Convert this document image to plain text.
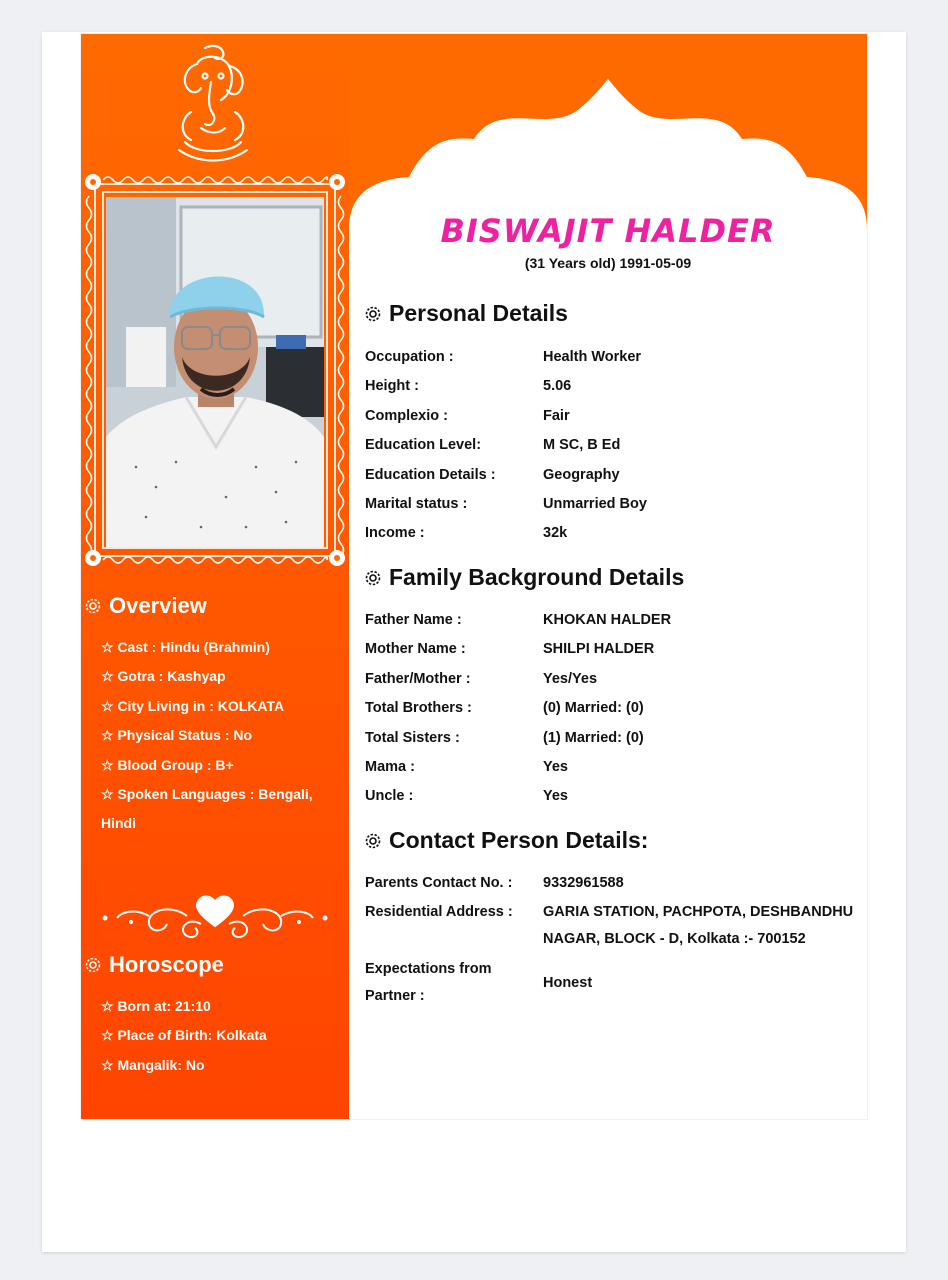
BISWAJIT HALDER
(31 Years old) 1991-05-09
Personal Details
Occupation :	Health Worker
Height :	5.06
Complexio :	Fair
Education Level:	M SC, B Ed
Education Details :	Geography
Marital status :	Unmarried Boy
Income :	32k
Family Background Details
Father Name :	KHOKAN HALDER
Mother Name :	SHILPI HALDER
Father/Mother :	Yes/Yes
Total Brothers :	(0) Married: (0)
Total Sisters :	(1) Married: (0)
Mama :	Yes
Uncle :	Yes
Contact Person Details:
Parents Contact No. : 9332961588
Residential Address : GARIA STATION, PACHPOTA, DESHBANDHU NAGAR, BLOCK - D, Kolkata :- 700152
Expectations from
Partner :
Honest
Overview
☆ Cast : Hindu (Brahmin)
☆ Gotra : Kashyap
☆ City Living in : KOLKATA
☆ Physical Status : No
☆ Blood Group : B+
☆ Spoken Languages : Bengali, Hindi
Horoscope
☆ Born at: 21:10
☆ Place of Birth: Kolkata
☆ Mangalik: No
